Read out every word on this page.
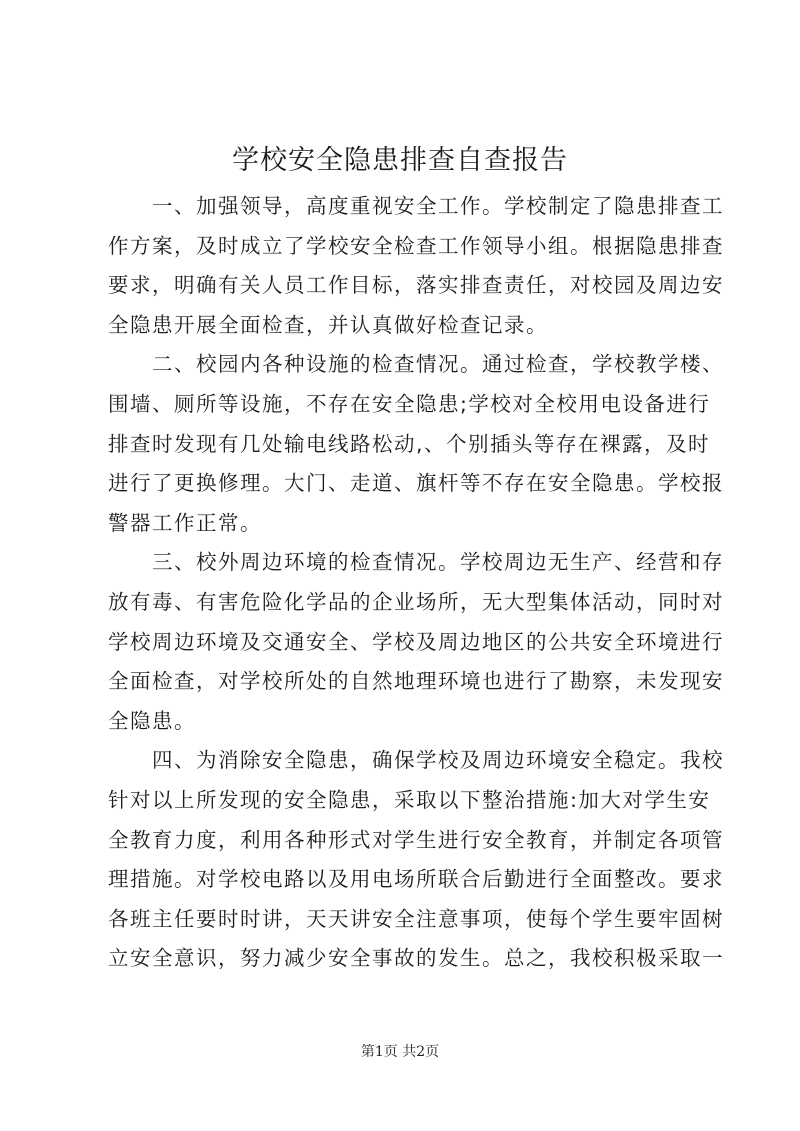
学校安全隐患排查自查报告
一、加强领导，高度重视安全工作。学校制定了隐患排查工
作方案，及时成立了学校安全检查工作领导小组。根据隐患排查
要求，明确有关人员工作目标，落实排查责任，对校园及周边安
全隐患开展全面检查，并认真做好检查记录。
二、校园内各种设施的检查情况。通过检查，学校教学楼、
围墙、厕所等设施，不存在安全隐患;学校对全校用电设备进行
排查时发现有几处输电线路松动,、个别插头等存在裸露，及时
进行了更换修理。大门、走道、旗杆等不存在安全隐患。学校报
警器工作正常。
三、校外周边环境的检查情况。学校周边无生产、经营和存
放有毒、有害危险化学品的企业场所，无大型集体活动，同时对
学校周边环境及交通安全、学校及周边地区的公共安全环境进行
全面检查，对学校所处的自然地理环境也进行了勘察，未发现安
全隐患。
四、为消除安全隐患，确保学校及周边环境安全稳定。我校
针对以上所发现的安全隐患，采取以下整治措施:加大对学生安
全教育力度，利用各种形式对学生进行安全教育，并制定各项管
理措施。对学校电路以及用电场所联合后勤进行全面整改。要求
各班主任要时时讲，天天讲安全注意事项，使每个学生要牢固树
立安全意识，努力减少安全事故的发生。总之，我校积极采取一
第1页 共2页
